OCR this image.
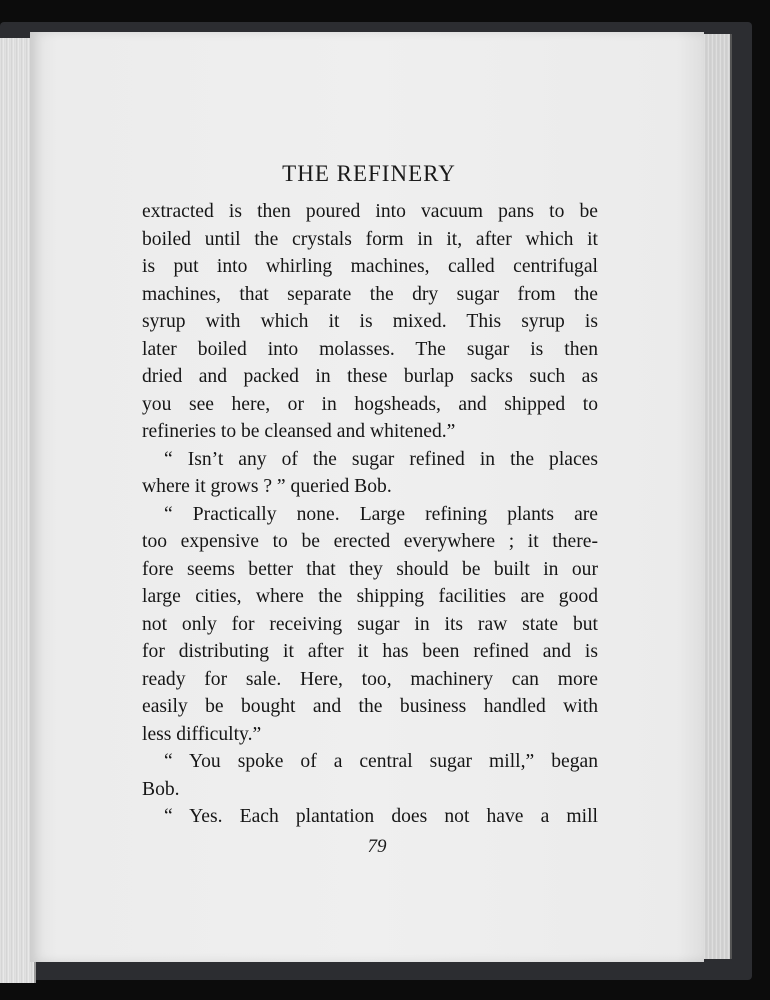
THE REFINERY
extracted is then poured into vacuum pans to be
boiled until the crystals form in it, after which it
is put into whirling machines, called centrifugal
machines, that separate the dry sugar from the
syrup with which it is mixed. This syrup is
later boiled into molasses. The sugar is then
dried and packed in these burlap sacks such as
you see here, or in hogsheads, and shipped to
refineries to be cleansed and whitened.”
“ Isn’t any of the sugar refined in the places
where it grows ? ” queried Bob.
“ Practically none. Large refining plants are
too expensive to be erected everywhere ; it there-
fore seems better that they should be built in our
large cities, where the shipping facilities are good
not only for receiving sugar in its raw state but
for distributing it after it has been refined and is
ready for sale. Here, too, machinery can more
easily be bought and the business handled with
less difficulty.”
“ You spoke of a central sugar mill,” began
Bob.
“ Yes. Each plantation does not have a mill
79
